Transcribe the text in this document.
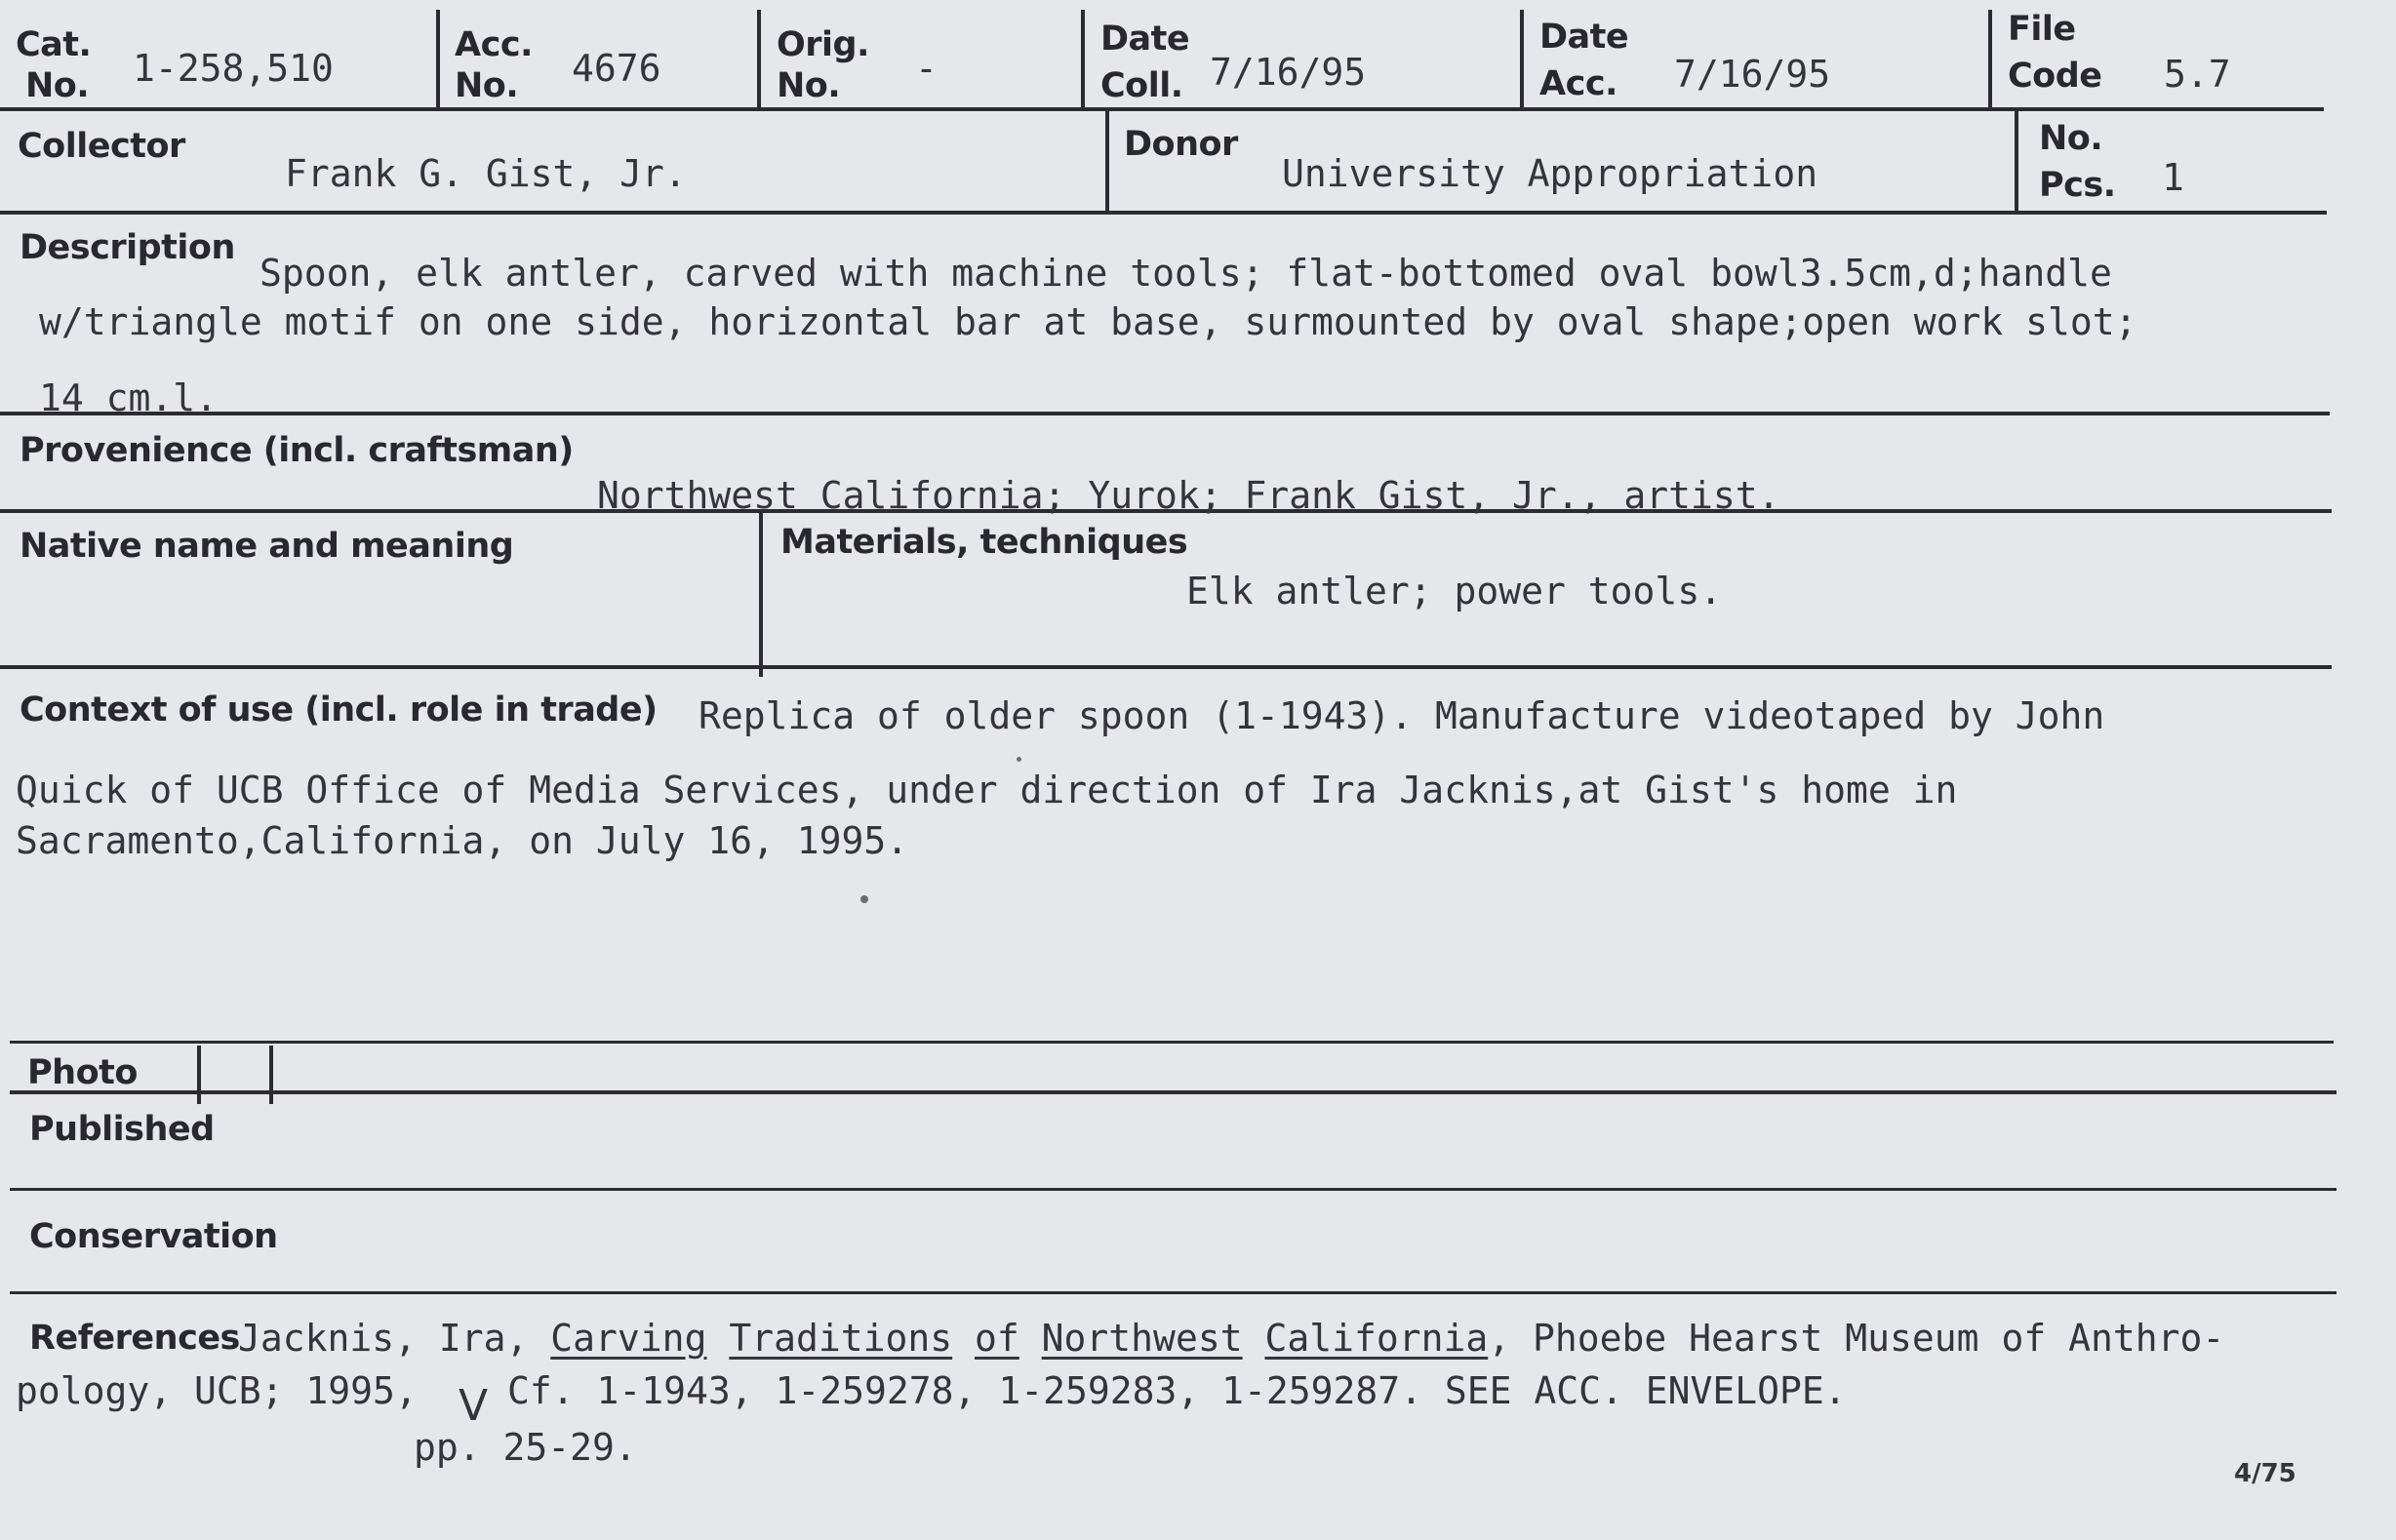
Cat.
No. 1-258,510
Acc.
No. 4676
Orig.
No. -
Date
Coll. 7/16/95
Date
Acc. 7/16/95
File
Code 5.7
Collector
Frank G. Gist, Jr.
Donor
University Appropriation
No.
Pcs. 1
Description
Spoon, elk antler, carved with machine tools; flat-bottomed oval bowl3.5cm,d;handle
w/triangle motif on one side, horizontal bar at base, surmounted by oval shape;open work slot;
14 cm.l.
Provenience (incl. craftsman)
Northwest California; Yurok; Frank Gist, Jr., artist.
Native name and meaning	Materials, techniques
Elk antler; power tools.
Context of use (incl. role in trade) Replica of older spoon (1-1943). Manufacture videotaped by John
Quick of UCB Office of Media Services, under direction of Ira Jacknis,at Gist's home in
Sacramento,California, on July 16, 1995.
Photo
Published
Conservation
References
Jacknis, Ira, Carving Traditions of Northwest California, Phoebe Hearst Museum of Anthro-
pology, UCB; 1995, V Cf. 1-1943, 1-259278, 1-259283, 1-259287. SEE ACC. ENVELOPE.
pp. 25-29.
4/75
